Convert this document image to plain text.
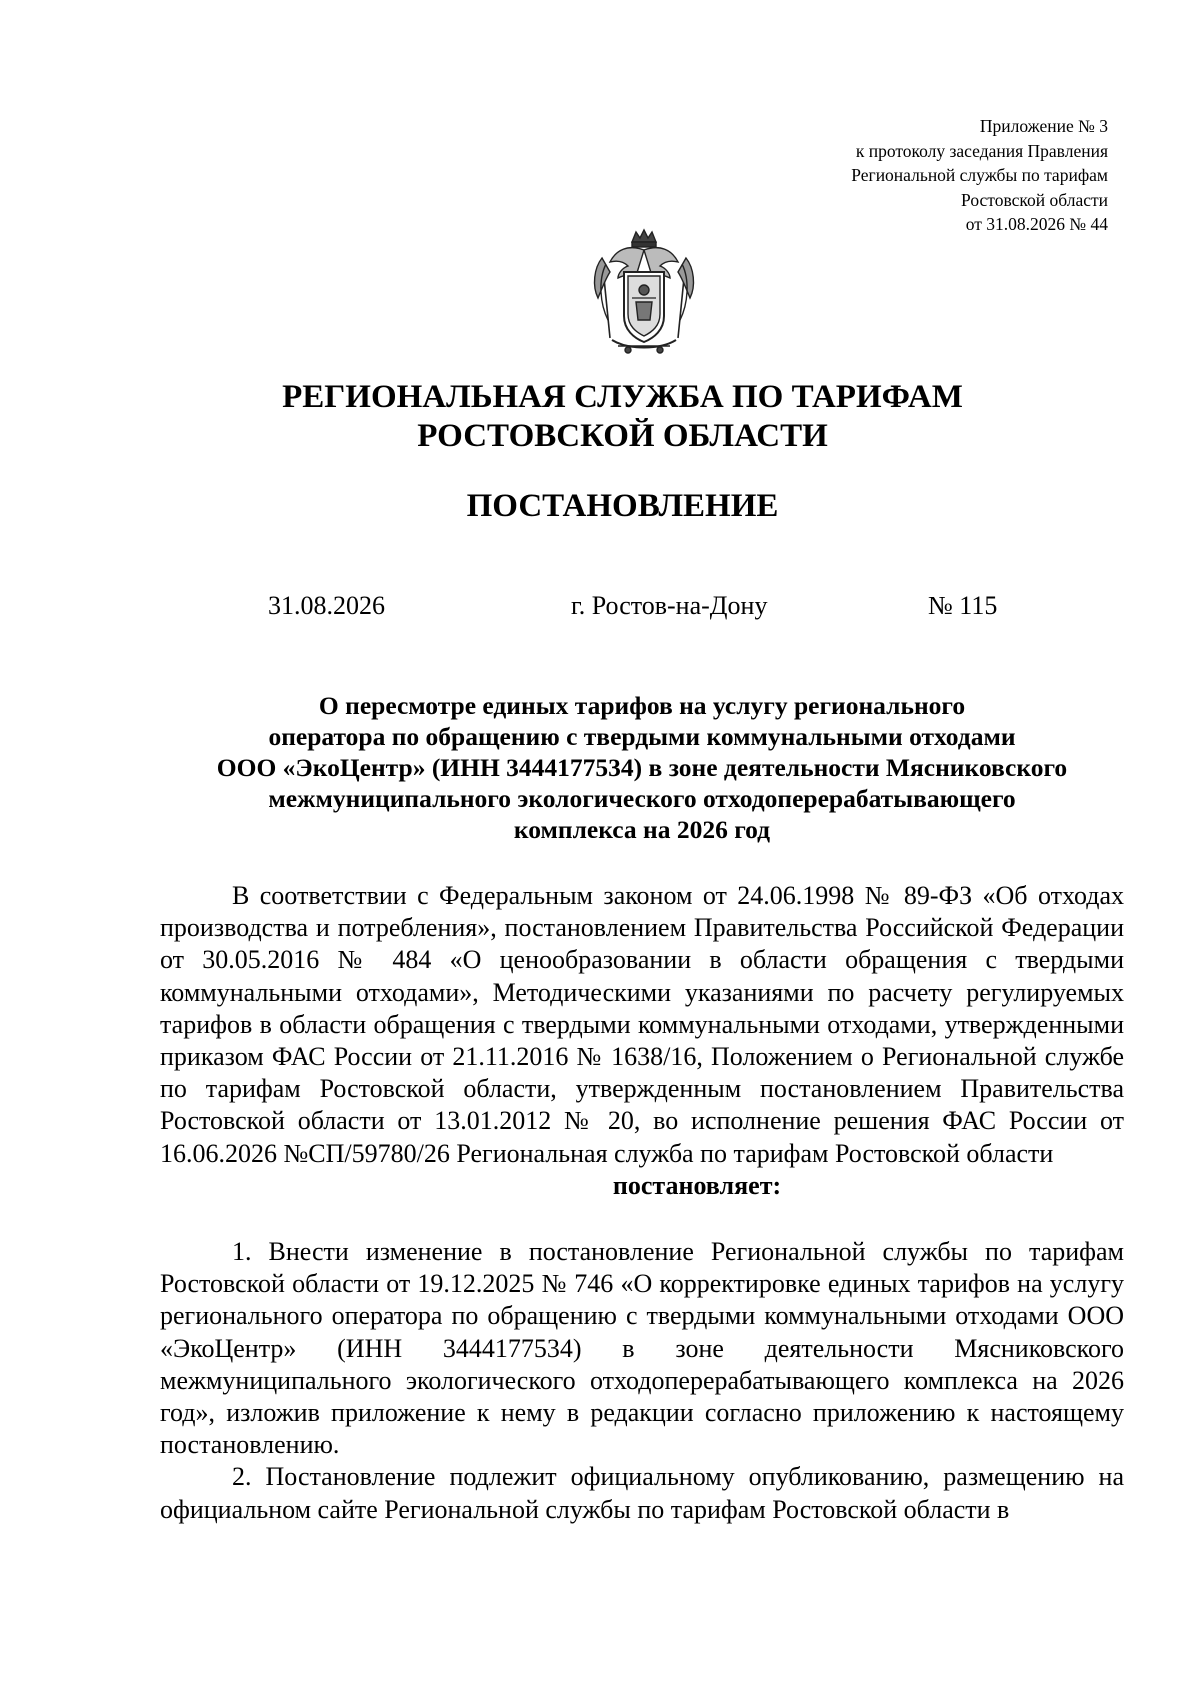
Приложение № 3
к протоколу заседания Правления
Региональной службы по тарифам
Ростовской области
от 31.08.2026 № 44
РЕГИОНАЛЬНАЯ СЛУЖБА ПО ТАРИФАМ
РОСТОВСКОЙ ОБЛАСТИ
ПОСТАНОВЛЕНИЕ
31.08.2026	г. Ростов-на-Дону	№ 115
О пересмотре единых тарифов на услугу регионального
оператора по обращению с твердыми коммунальными отходами
ООО «ЭкоЦентр» (ИНН 3444177534) в зоне деятельности Мясниковского
межмуниципального экологического отходоперерабатывающего
комплекса на 2026 год

В соответствии с Федеральным законом от 24.06.1998 № 89-ФЗ «Об отходах производства и потребления», постановлением Правительства Российской Федерации от 30.05.2016 № 484 «О ценообразовании в области обращения с твердыми коммунальными отходами», Методическими указаниями по расчету регулируемых тарифов в области обращения с твердыми коммунальными отходами, утвержденными приказом ФАС России от 21.11.2016 № 1638/16, Положением о Региональной службе по тарифам Ростовской области, утвержденным постановлением Правительства Ростовской области от 13.01.2012 № 20, во исполнение решения ФАС России от 16.06.2026 №СП/59780/26 Региональная служба по тарифам Ростовской области

постановляет:

1. Внести изменение в постановление Региональной службы по тарифам Ростовской области от 19.12.2025 № 746 «О корректировке единых тарифов на услугу регионального оператора по обращению с твердыми коммунальными отходами ООО «ЭкоЦентр» (ИНН 3444177534) в зоне деятельности Мясниковского межмуниципального экологического отходоперерабатывающего комплекса на 2026 год», изложив приложение к нему в редакции согласно приложению к настоящему постановлению.

2. Постановление подлежит официальному опубликованию, размещению на официальном сайте Региональной службы по тарифам Ростовской области в
